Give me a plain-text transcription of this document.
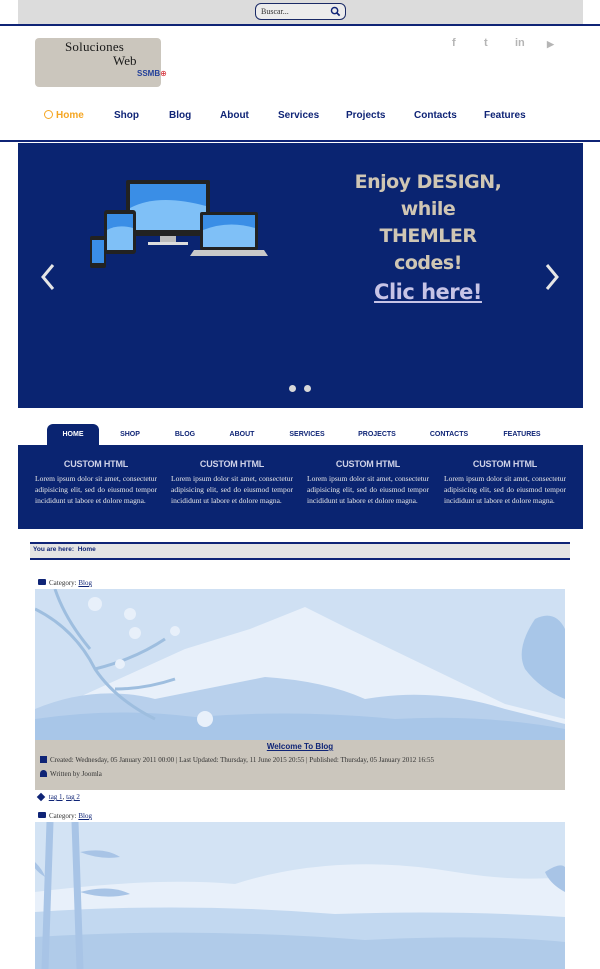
Buscar...
Soluciones
Web
SSMB⊕
f	t in ▶
Home	Shop	Blog	About	Services	Projects	Contacts	Features
Enjoy DESIGN,
while THEMLER
codes!
Clic here!
HOME	SHOP	BLOG	ABOUT	SERVICES	PROJECTS	CONTACTS	FEATURES
CUSTOM HTML
Lorem ipsum dolor sit amet, consectetur adipisicing elit, sed do eiusmod tempor incididunt ut labore et dolore magna.
CUSTOM HTML
Lorem ipsum dolor sit amet, consectetur adipisicing elit, sed do eiusmod tempor incididunt ut labore et dolore magna.
CUSTOM HTML
Lorem ipsum dolor sit amet, consectetur adipisicing elit, sed do eiusmod tempor incididunt ut labore et dolore magna.
CUSTOM HTML
Lorem ipsum dolor sit amet, consectetur adipisicing elit, sed do eiusmod tempor incididunt ut labore et dolore magna.
You are here: Home
Category: Blog
Welcome To Blog
Created: Wednesday, 05 January 2011 00:00 | Last Updated: Thursday, 11 June 2015 20:55 | Published: Thursday, 05 January 2012 16:55
Written by Joomla
tag 1, tag 2
Category: Blog
